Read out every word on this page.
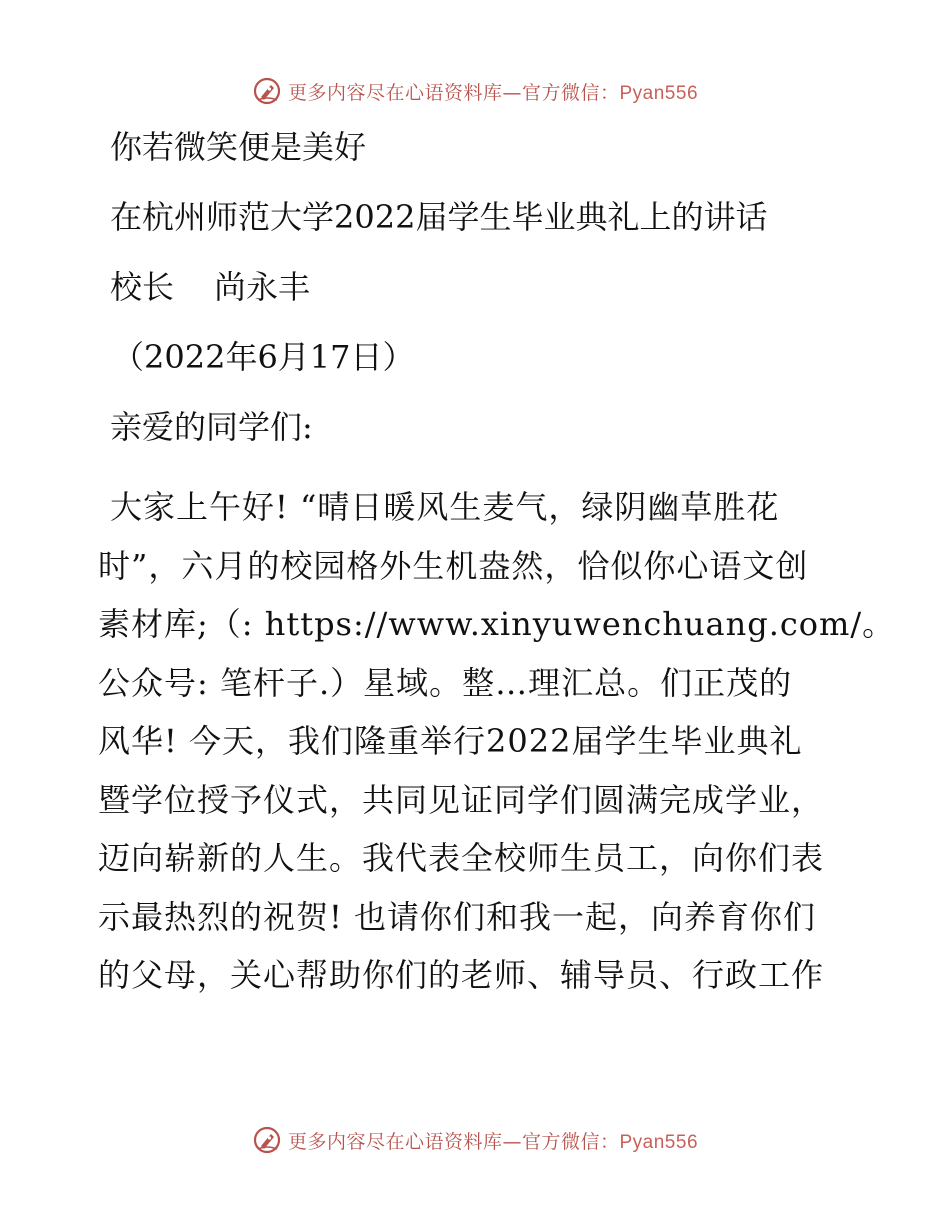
更多内容尽在心语资料库—官方微信：Pyan556
你若微笑便是美好
在杭州师范大学2022届学生毕业典礼上的讲话
校长 尚永丰
（2022年6月17日）
亲爱的同学们:
大家上午好! “晴日暖风生麦气，绿阴幽草胜花
时”，六月的校园格外生机盎然，恰似你心语文创
素材库;（: https://www.xinyuwenchuang.com/。
公众号: 笔杆子.）星域。整…理汇总。们正茂的
风华! 今天，我们隆重举行2022届学生毕业典礼
暨学位授予仪式，共同见证同学们圆满完成学业，
迈向崭新的人生。我代表全校师生员工，向你们表
示最热烈的祝贺! 也请你们和我一起，向养育你们
的父母，关心帮助你们的老师、辅导员、行政工作
更多内容尽在心语资料库—官方微信：Pyan556
